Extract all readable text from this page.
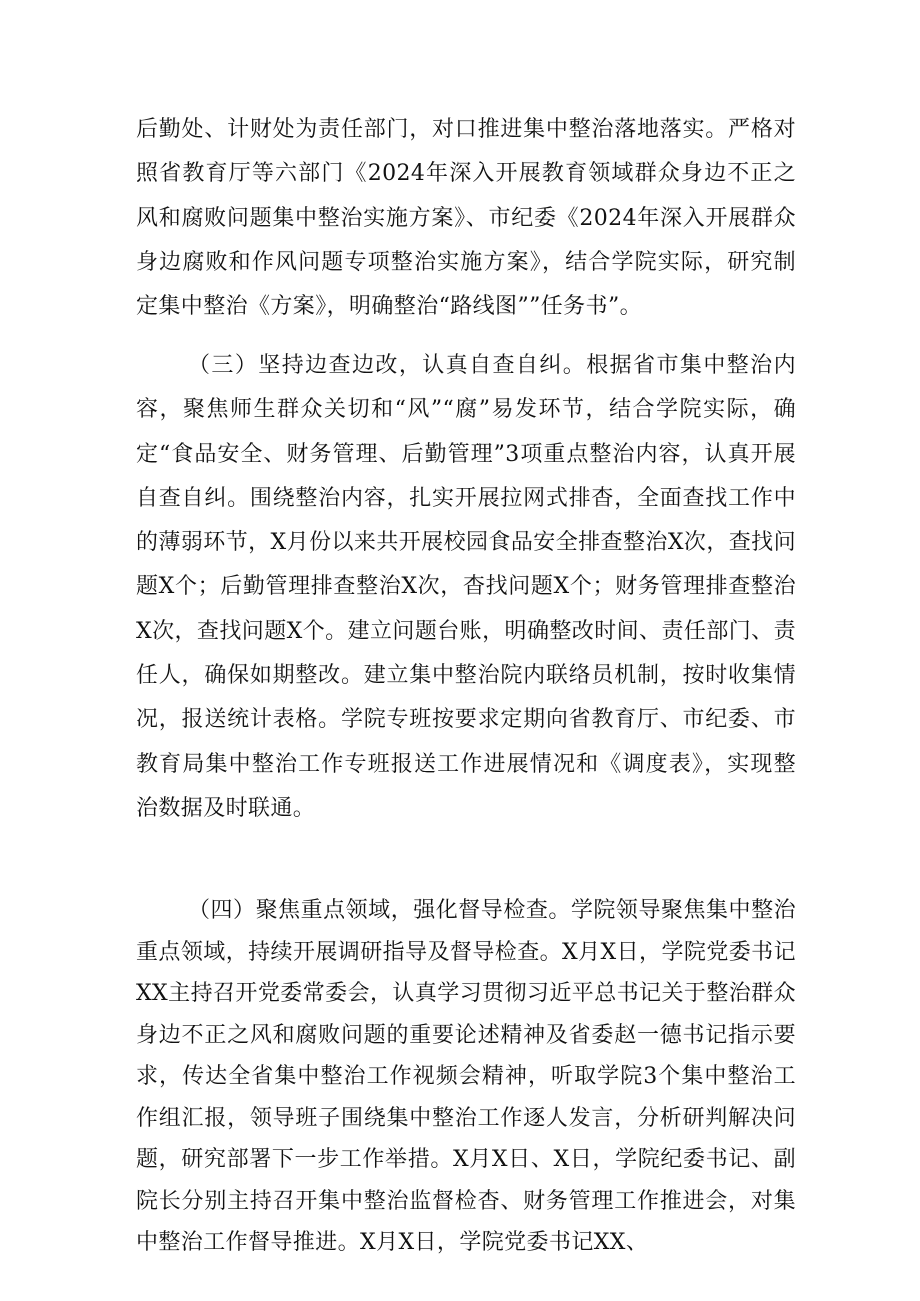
后勤处、计财处为责任部门，对口推进集中整治落地落实。严格对照省教育厅等六部门《2024年深入开展教育领域群众身边不正之风和腐败问题集中整治实施方案》、市纪委《2024年深入开展群众身边腐败和作风问题专项整治实施方案》，结合学院实际，研究制定集中整治《方案》，明确整治“路线图””任务书”。

（三）坚持边查边改，认真自查自纠。根据省市集中整治内容，聚焦师生群众关切和“风”“腐”易发环节，结合学院实际，确定“食品安全、财务管理、后勤管理”3项重点整治内容，认真开展自查自纠。围绕整治内容，扎实开展拉网式排杳，全面查找工作中的薄弱环节，X月份以来共开展校园食品安全排查整治X次，查找问题X个；后勤管理排查整治X次，杳找问题X个；财务管理排查整治X次，查找问题X个。建立问题台账，明确整改时间、责任部门、责任人，确保如期整改。建立集中整治院内联络员机制，按时收集情况，报送统计表格。学院专班按要求定期向省教育厅、市纪委、市教育局集中整治工作专班报送工作进展情况和《调度表》，实现整治数据及时联通。

（四）聚焦重点领域，强化督导检查。学院领导聚焦集中整治重点领域，持续开展调研指导及督导检查。X月X日，学院党委书记XX主持召开党委常委会，认真学习贯彻习近平总书记关于整治群众身边不正之风和腐败问题的重要论述精神及省委赵一德书记指示要求，传达全省集中整治工作视频会精神，听取学院3个集中整治工作组汇报，领导班子围绕集中整治工作逐人发言，分析研判解决问题，研究部署下一步工作举措。X月X日、X日，学院纪委书记、副院长分别主持召开集中整治监督检杳、财务管理工作推进会，对集中整治工作督导推进。X月X日，学院党委书记XX、
